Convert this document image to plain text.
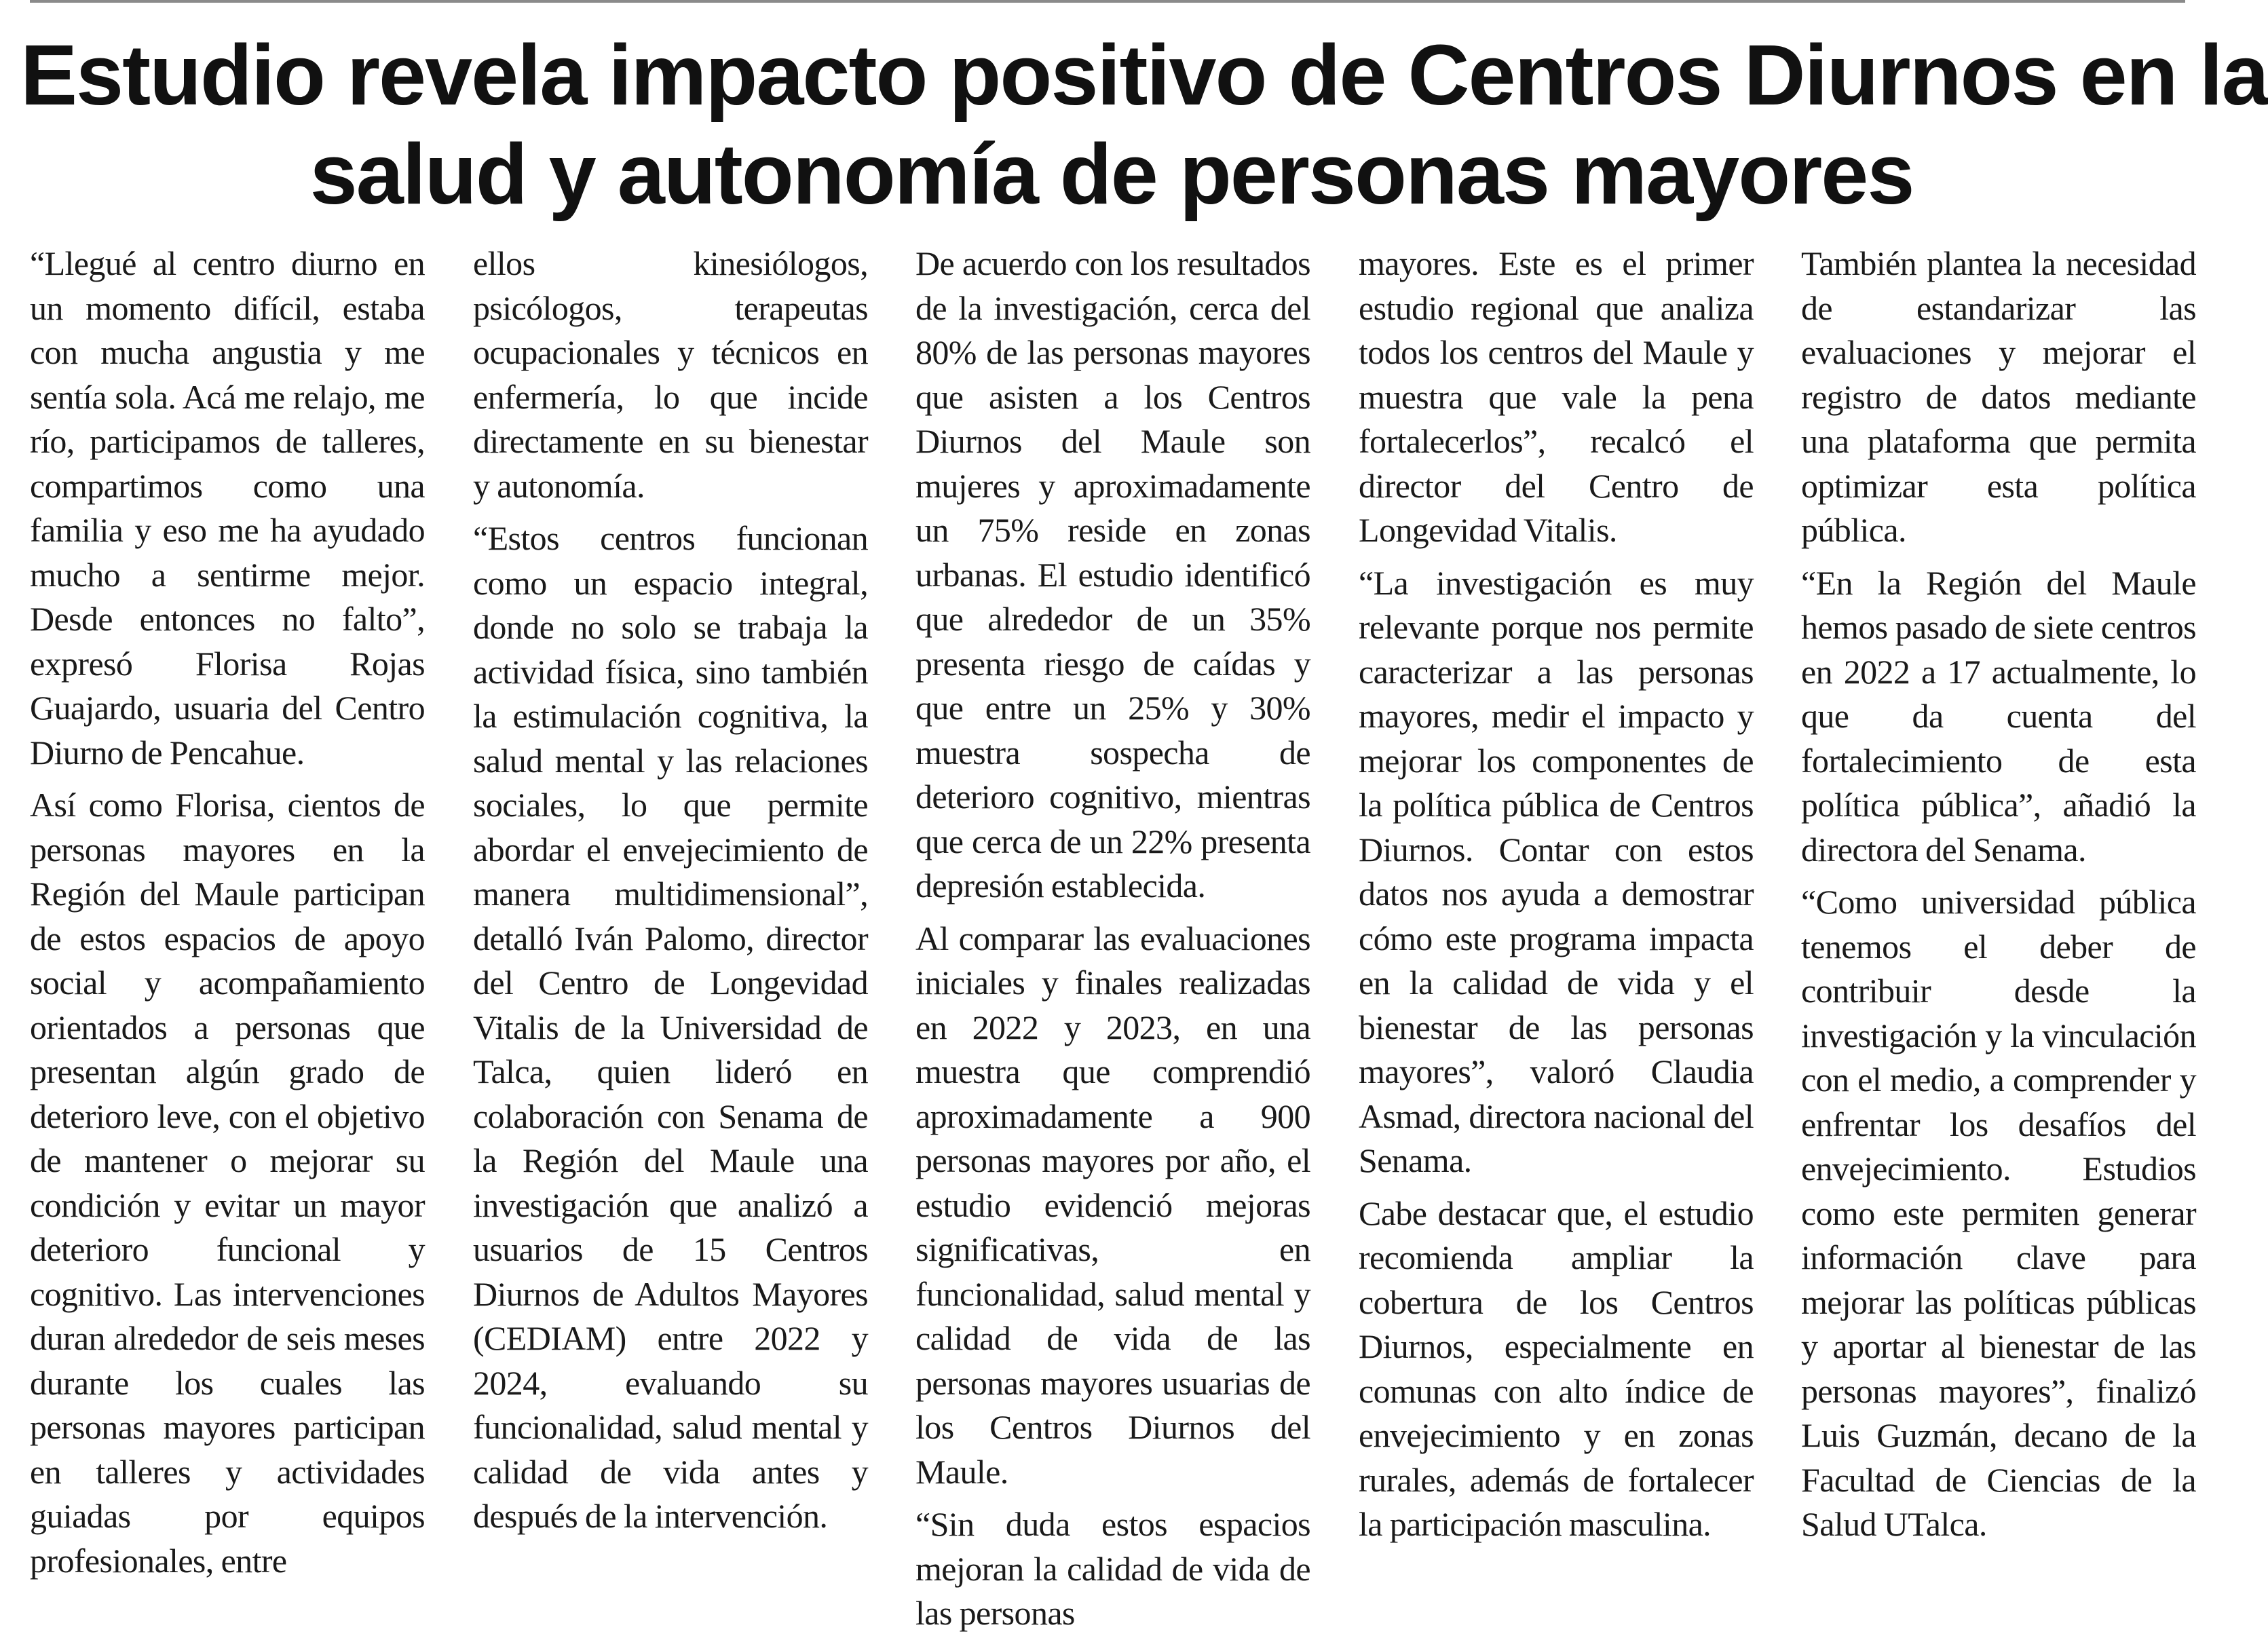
Estudio revela impacto positivo de Centros Diurnos en la
salud y autonomía de personas mayores

“Llegué al centro diurno en un momento difícil, estaba con mucha angustia y me sentía sola. Acá me relajo, me río, participamos de talleres, compartimos como una familia y eso me ha ayudado mucho a sentirme mejor. Desde entonces no falto”, expresó Florisa Rojas Guajardo, usuaria del Centro Diurno de Pencahue.

Así como Florisa, cientos de personas mayores en la Región del Maule participan de estos espacios de apoyo social y acompañamiento orientados a personas que presentan algún grado de deterioro leve, con el objetivo de mantener o mejorar su condición y evitar un mayor deterioro funcional y cognitivo. Las intervenciones duran alrededor de seis meses durante los cuales las personas mayores participan en talleres y actividades guiadas por equipos profesionales, entre

ellos kinesiólogos, psicólogos, terapeutas ocupacionales y técnicos en enfermería, lo que incide directamente en su bienestar y autonomía.

“Estos centros funcionan como un espacio integral, donde no solo se trabaja la actividad física, sino también la estimulación cognitiva, la salud mental y las relaciones sociales, lo que permite abordar el envejecimiento de manera multidimensional”, detalló Iván Palomo, director del Centro de Longevidad Vitalis de la Universidad de Talca, quien lideró en colaboración con Senama de la Región del Maule una investigación que analizó a usuarios de 15 Centros Diurnos de Adultos Mayores (CEDIAM) entre 2022 y 2024, evaluando su funcionalidad, salud mental y calidad de vida antes y después de la intervención.

De acuerdo con los resultados de la investigación, cerca del 80% de las personas mayores que asisten a los Centros Diurnos del Maule son mujeres y aproximadamente un 75% reside en zonas urbanas. El estudio identificó que alrededor de un 35% presenta riesgo de caídas y que entre un 25% y 30% muestra sospecha de deterioro cognitivo, mientras que cerca de un 22% presenta depresión establecida.

Al comparar las evaluaciones iniciales y finales realizadas en 2022 y 2023, en una muestra que comprendió aproximadamente a 900 personas mayores por año, el estudio evidenció mejoras significativas, en funcionalidad, salud mental y calidad de vida de las personas mayores usuarias de los Centros Diurnos del Maule.

“Sin duda estos espacios mejoran la calidad de vida de las personas

mayores. Este es el primer estudio regional que analiza todos los centros del Maule y muestra que vale la pena fortalecerlos”, recalcó el director del Centro de Longevidad Vitalis.

“La investigación es muy relevante porque nos permite caracterizar a las personas mayores, medir el impacto y mejorar los componentes de la política pública de Centros Diurnos. Contar con estos datos nos ayuda a demostrar cómo este programa impacta en la calidad de vida y el bienestar de las personas mayores”, valoró Claudia Asmad, directora nacional del Senama.

Cabe destacar que, el estudio recomienda ampliar la cobertura de los Centros Diurnos, especialmente en comunas con alto índice de envejecimiento y en zonas rurales, además de fortalecer la participación masculina.

También plantea la necesidad de estandarizar las evaluaciones y mejorar el registro de datos mediante una plataforma que permita optimizar esta política pública.

“En la Región del Maule hemos pasado de siete centros en 2022 a 17 actualmente, lo que da cuenta del fortalecimiento de esta política pública”, añadió la directora del Senama.

“Como universidad pública tenemos el deber de contribuir desde la investigación y la vinculación con el medio, a comprender y enfrentar los desafíos del envejecimiento. Estudios como este permiten generar información clave para mejorar las políticas públicas y aportar al bienestar de las personas mayores”, finalizó Luis Guzmán, decano de la Facultad de Ciencias de la Salud UTalca.
